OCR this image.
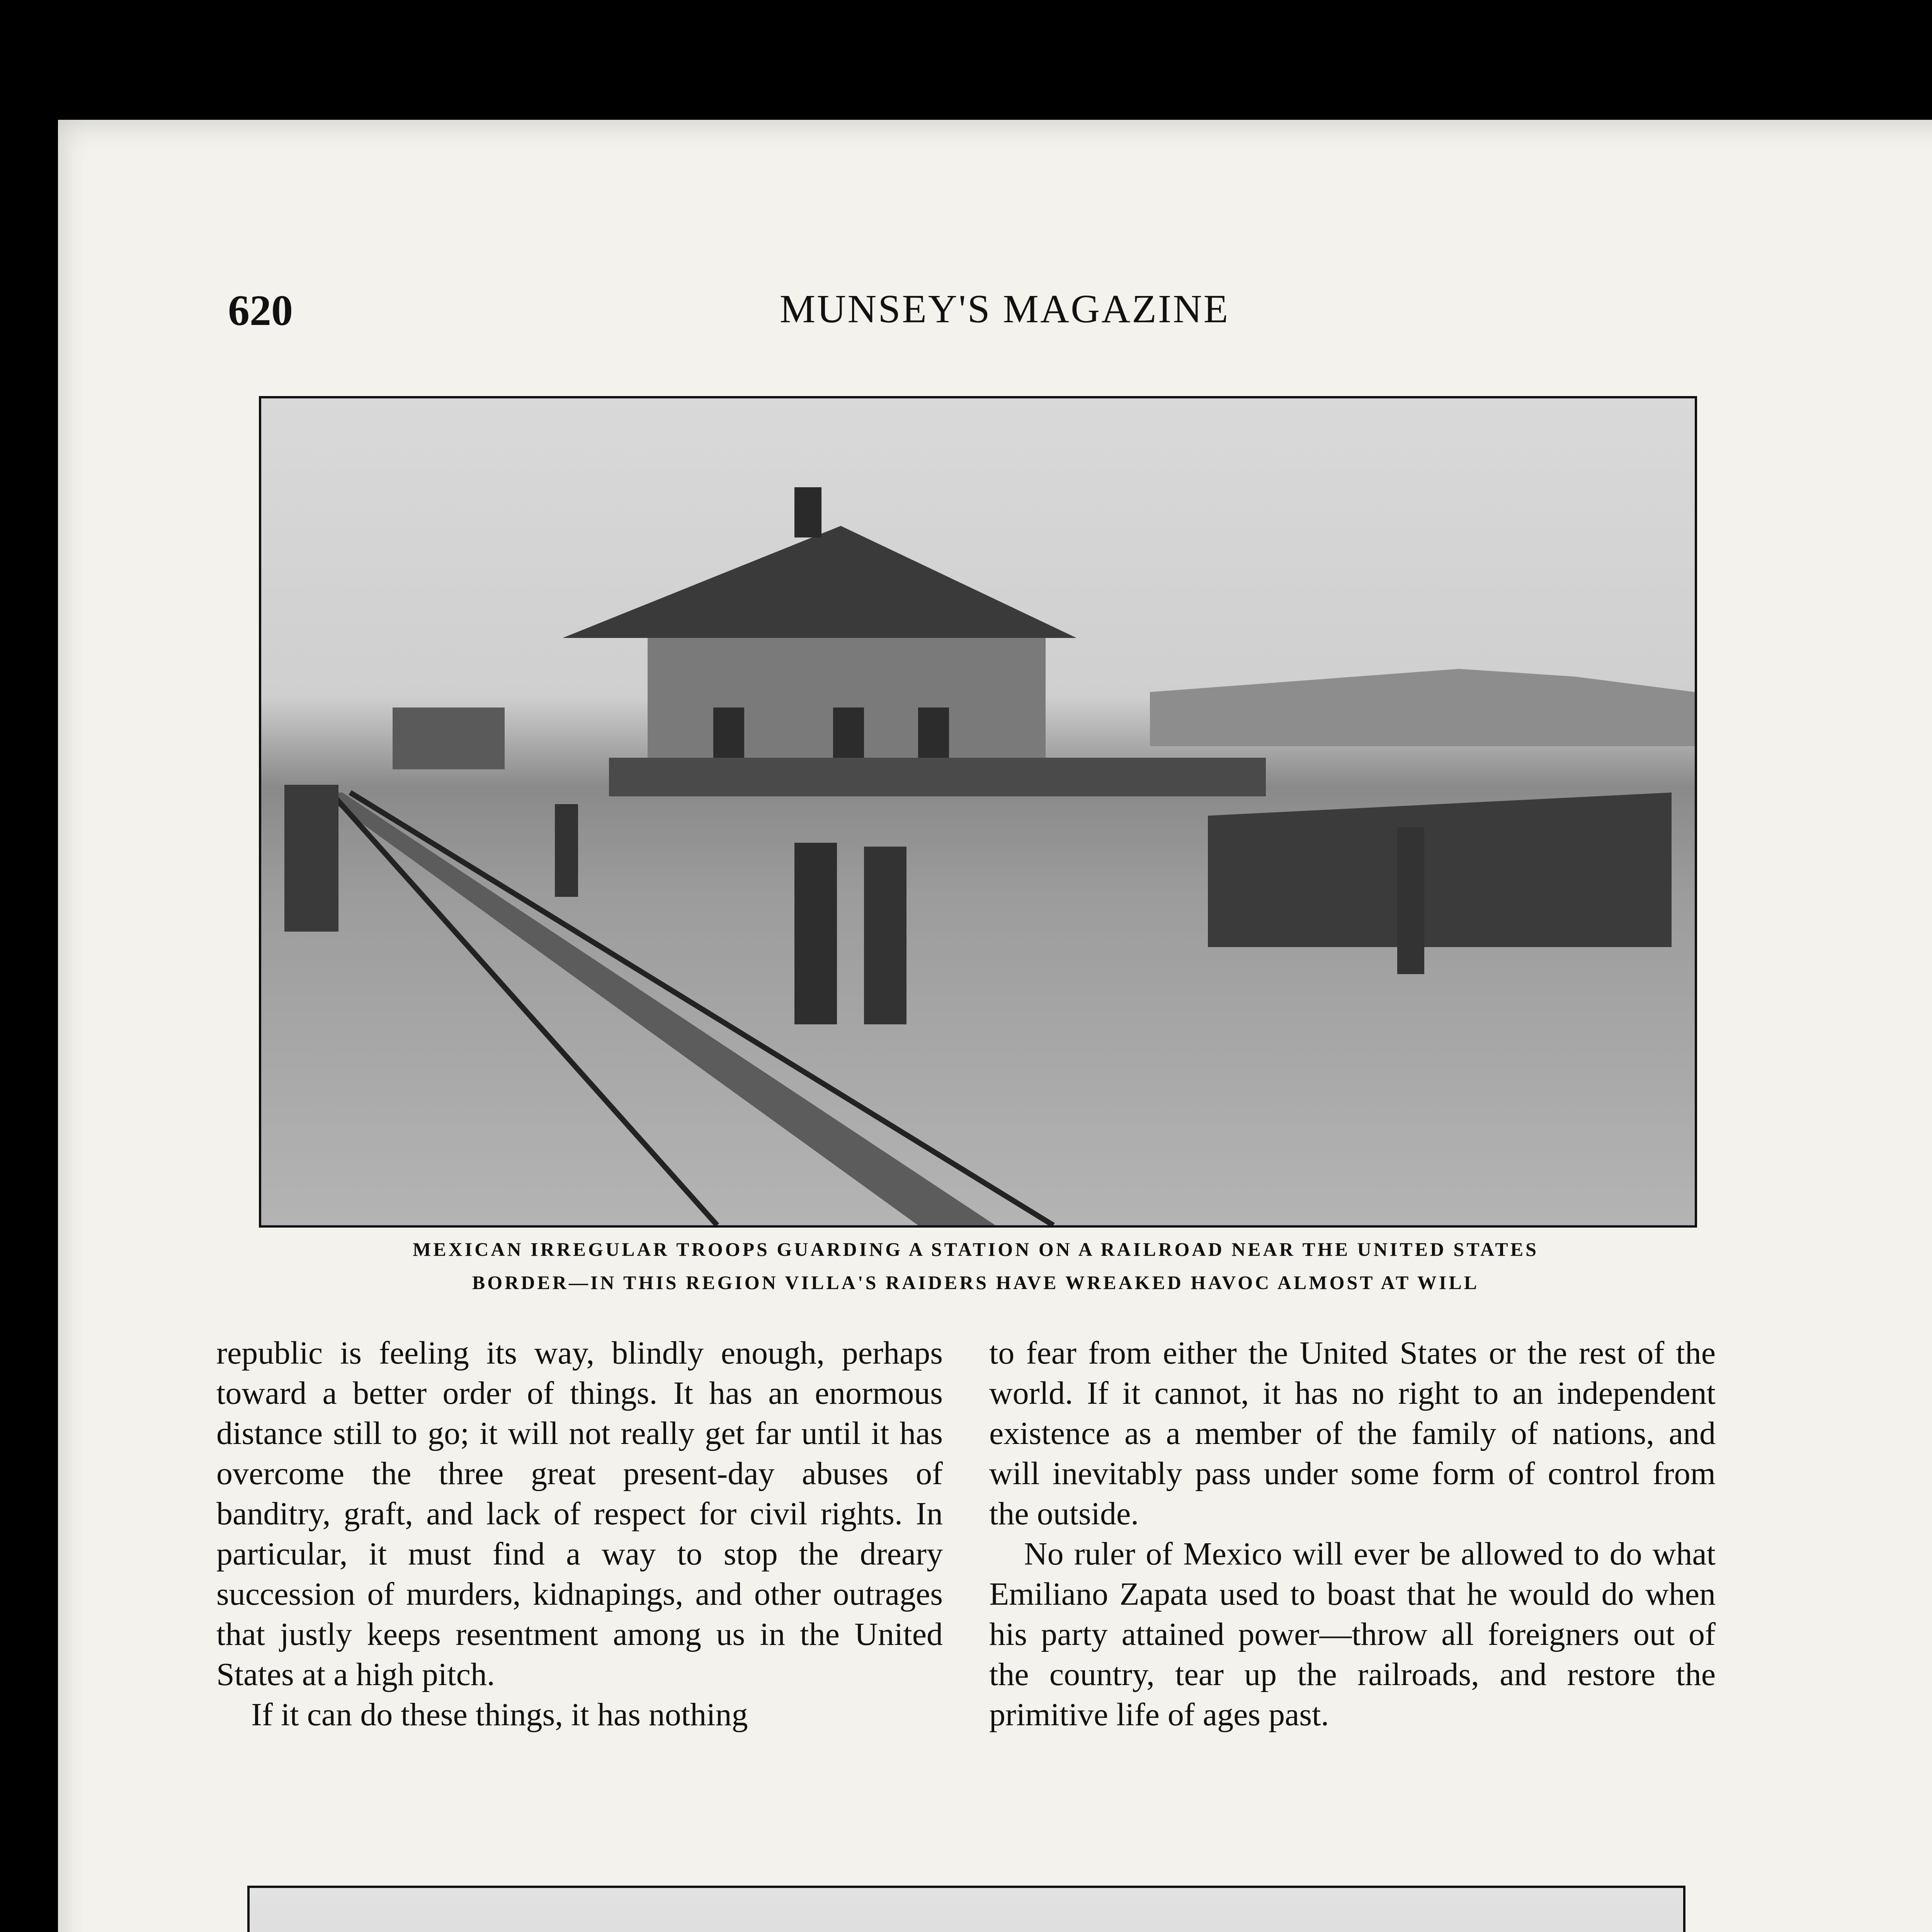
620	MUNSEY'S MAGAZINE

MEXICAN IRREGULAR TROOPS GUARDING A STATION ON A RAILROAD NEAR THE UNITED STATES
BORDER—IN THIS REGION VILLA'S RAIDERS HAVE WREAKED HAVOC ALMOST AT WILL

republic is feeling its way, blindly enough, perhaps toward a better order of things. It has an enormous distance still to go; it will not really get far until it has overcome the three great present-day abuses of banditry, graft, and lack of respect for civil rights. In particular, it must find a way to stop the dreary succession of murders, kidnapings, and other outrages that justly keeps resentment among us in the United States at a high pitch.

If it can do these things, it has nothing

to fear from either the United States or the rest of the world. If it cannot, it has no right to an independent existence as a member of the family of nations, and will inevitably pass under some form of control from the outside.

No ruler of Mexico will ever be allowed to do what Emiliano Zapata used to boast that he would do when his party attained power—throw all foreigners out of the country, tear up the railroads, and restore the primitive life of ages past.
